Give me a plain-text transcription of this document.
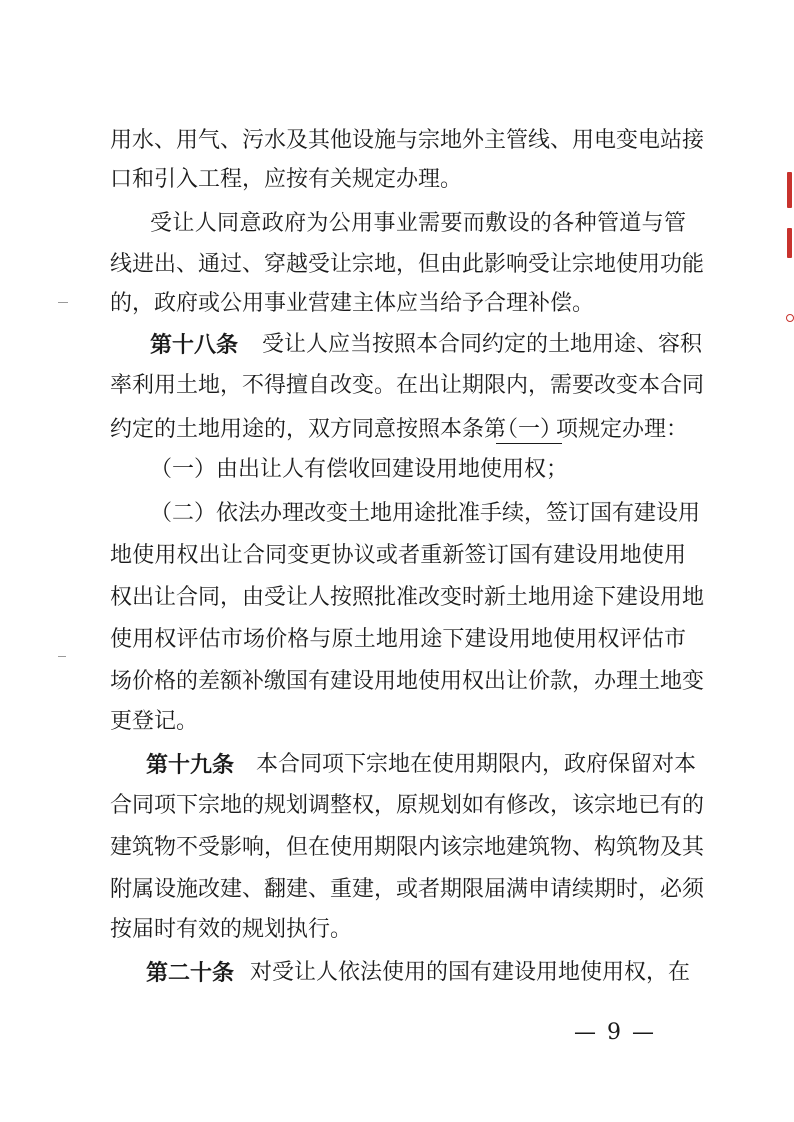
用水、用气、污水及其他设施与宗地外主管线、用电变电站接
口和引入工程，应按有关规定办理。
受让人同意政府为公用事业需要而敷设的各种管道与管
线进出、通过、穿越受让宗地，但由此影响受让宗地使用功能
的，政府或公用事业营建主体应当给予合理补偿。
第十八条 受让人应当按照本合同约定的土地用途、容积
率利用土地，不得擅自改变。在出让期限内，需要改变本合同
约定的土地用途的，双方同意按照本条第
（一）
项规定办理：
（一）由出让人有偿收回建设用地使用权；
（二）依法办理改变土地用途批准手续，签订国有建设用
地使用权出让合同变更协议或者重新签订国有建设用地使用
权出让合同，由受让人按照批准改变时新土地用途下建设用地
使用权评估市场价格与原土地用途下建设用地使用权评估市
场价格的差额补缴国有建设用地使用权出让价款，办理土地变
更登记。
第十九条 本合同项下宗地在使用期限内，政府保留对本
合同项下宗地的规划调整权，原规划如有修改，该宗地已有的
建筑物不受影响，但在使用期限内该宗地建筑物、构筑物及其
附属设施改建、翻建、重建，或者期限届满申请续期时，必须
按届时有效的规划执行。
第二十条 对受让人依法使用的国有建设用地使用权，在
— 9 —
